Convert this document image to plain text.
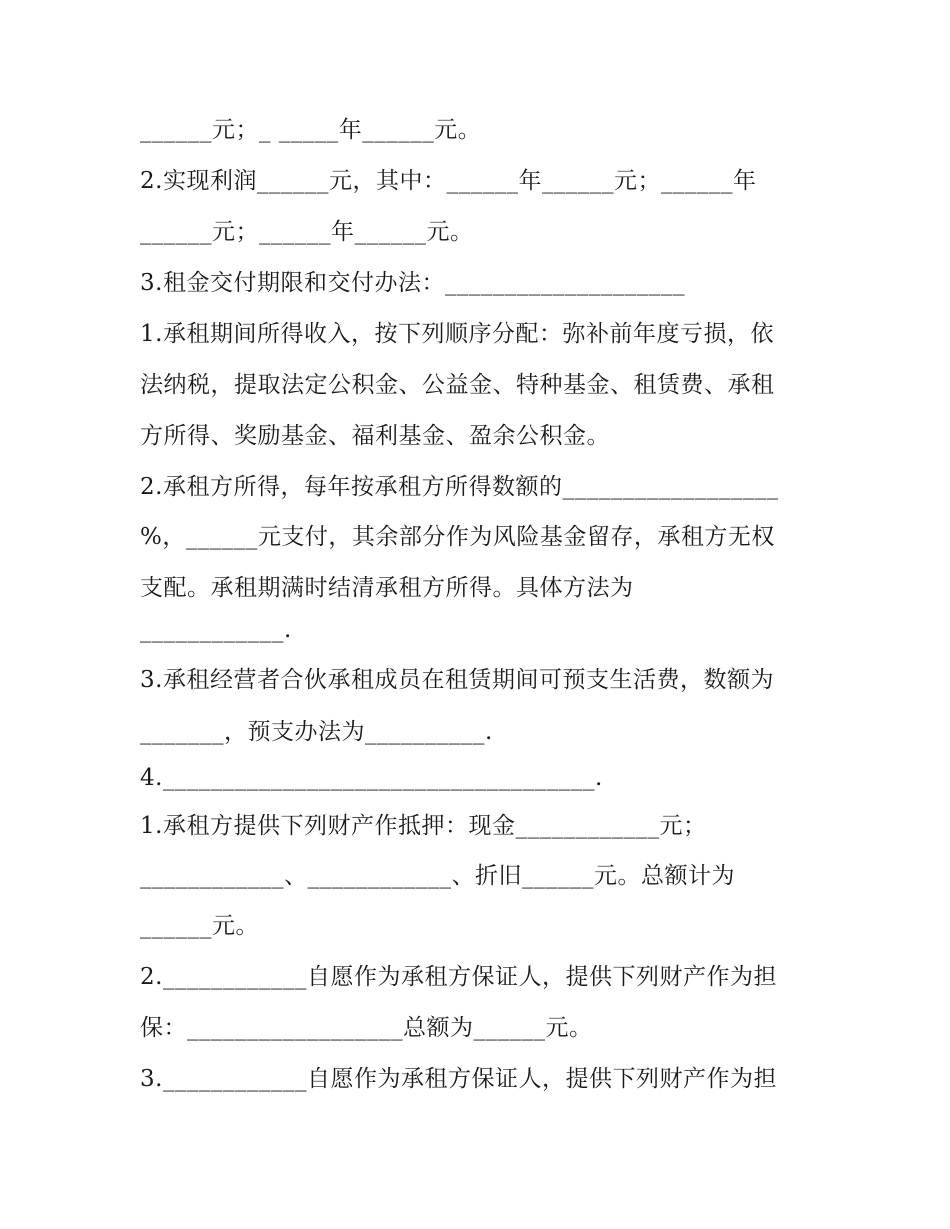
______元；_ _____年______元。
2.实现利润______元，其中：______年______元；______年
______元；______年______元。
3.租金交付期限和交付办法：____________________
1.承租期间所得收入，按下列顺序分配：弥补前年度亏损，依
法纳税，提取法定公积金、公益金、特种基金、租赁费、承租
方所得、奖励基金、福利基金、盈余公积金。
2.承租方所得，每年按承租方所得数额的__________________
%，______元支付，其余部分作为风险基金留存，承租方无权
支配。承租期满时结清承租方所得。具体方法为
____________.
3.承租经营者合伙承租成员在租赁期间可预支生活费，数额为
_______，预支办法为__________.
4.____________________________________.
1.承租方提供下列财产作抵押：现金____________元；
____________、____________、折旧______元。总额计为
______元。
2.____________自愿作为承租方保证人，提供下列财产作为担
保：__________________总额为______元。
3.____________自愿作为承租方保证人，提供下列财产作为担
